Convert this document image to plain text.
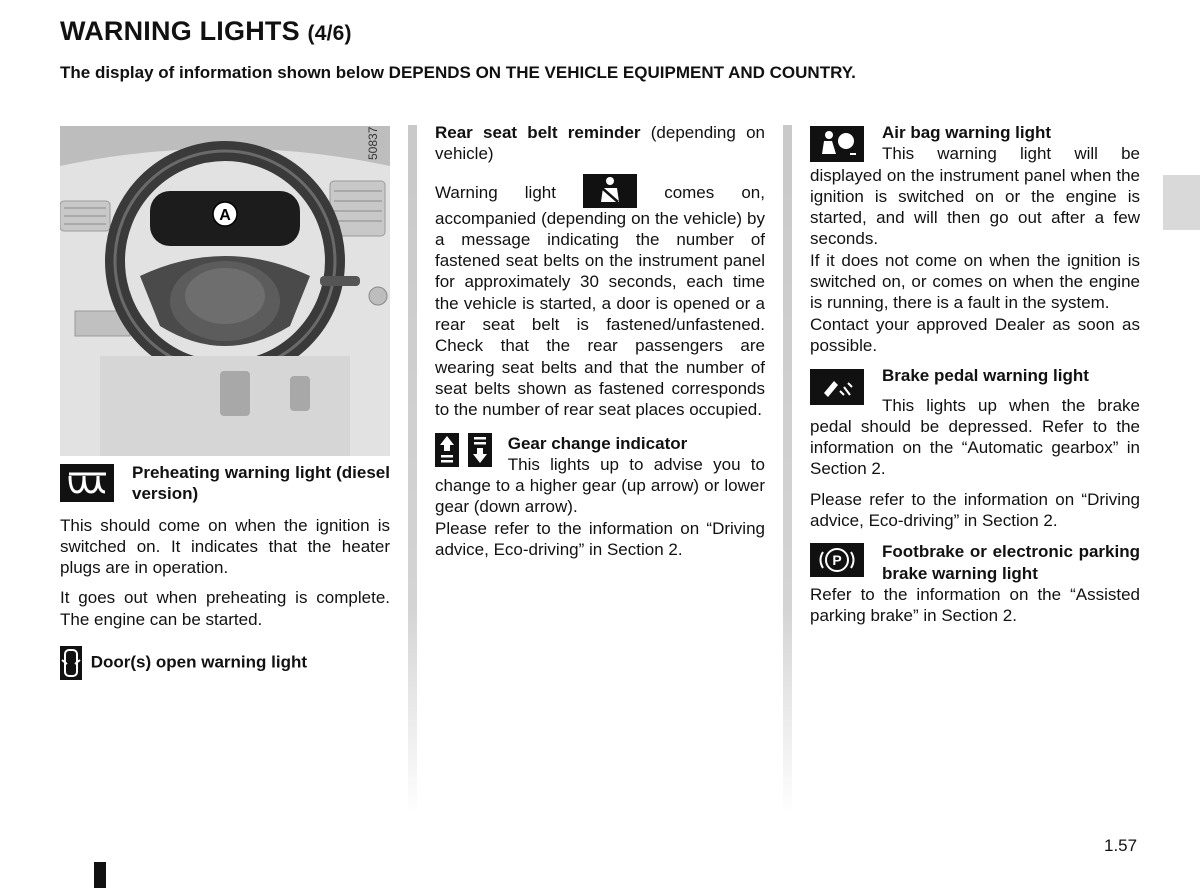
WARNING LIGHTS (4/6)
The display of information shown below DEPENDS ON THE VEHICLE EQUIPMENT AND COUNTRY.
A
50837
Preheating warning light (diesel version)

This should come on when the ignition is switched on. It indicates that the heater plugs are in operation.

It goes out when preheating is complete. The engine can be started.

Door(s) open warning light

Rear seat belt reminder (depending on vehicle)

Warning light	comes on, accompanied (depending on the vehicle) by a message indicating the number of fastened seat belts on the instrument panel for approximately 30 seconds, each time the vehicle is started, a door is opened or a rear seat belt is fastened/unfastened. Check that the rear passengers are wearing seat belts and that the number of seat belts shown as fastened corresponds to the number of rear seat places occupied.

Gear change indicator
This lights up to advise you to change to a higher gear (up arrow) or lower gear (down arrow).

Please refer to the information on “Driving advice, Eco-driving” in Section 2.

Air bag warning light
This warning light will be displayed on the instrument panel when the ignition is switched on or the engine is started, and will then go out after a few seconds.

If it does not come on when the ignition is switched on, or comes on when the engine is running, there is a fault in the system.

Contact your approved Dealer as soon as possible.

Brake pedal warning light
This lights up when the brake pedal should be depressed. Refer to the information on the “Automatic gearbox” in Section 2.

Please refer to the information on “Driving advice, Eco-driving” in Section 2.

P Footbrake or electronic parking brake warning light

Refer to the information on the “Assisted parking brake” in Section 2.

1.57
